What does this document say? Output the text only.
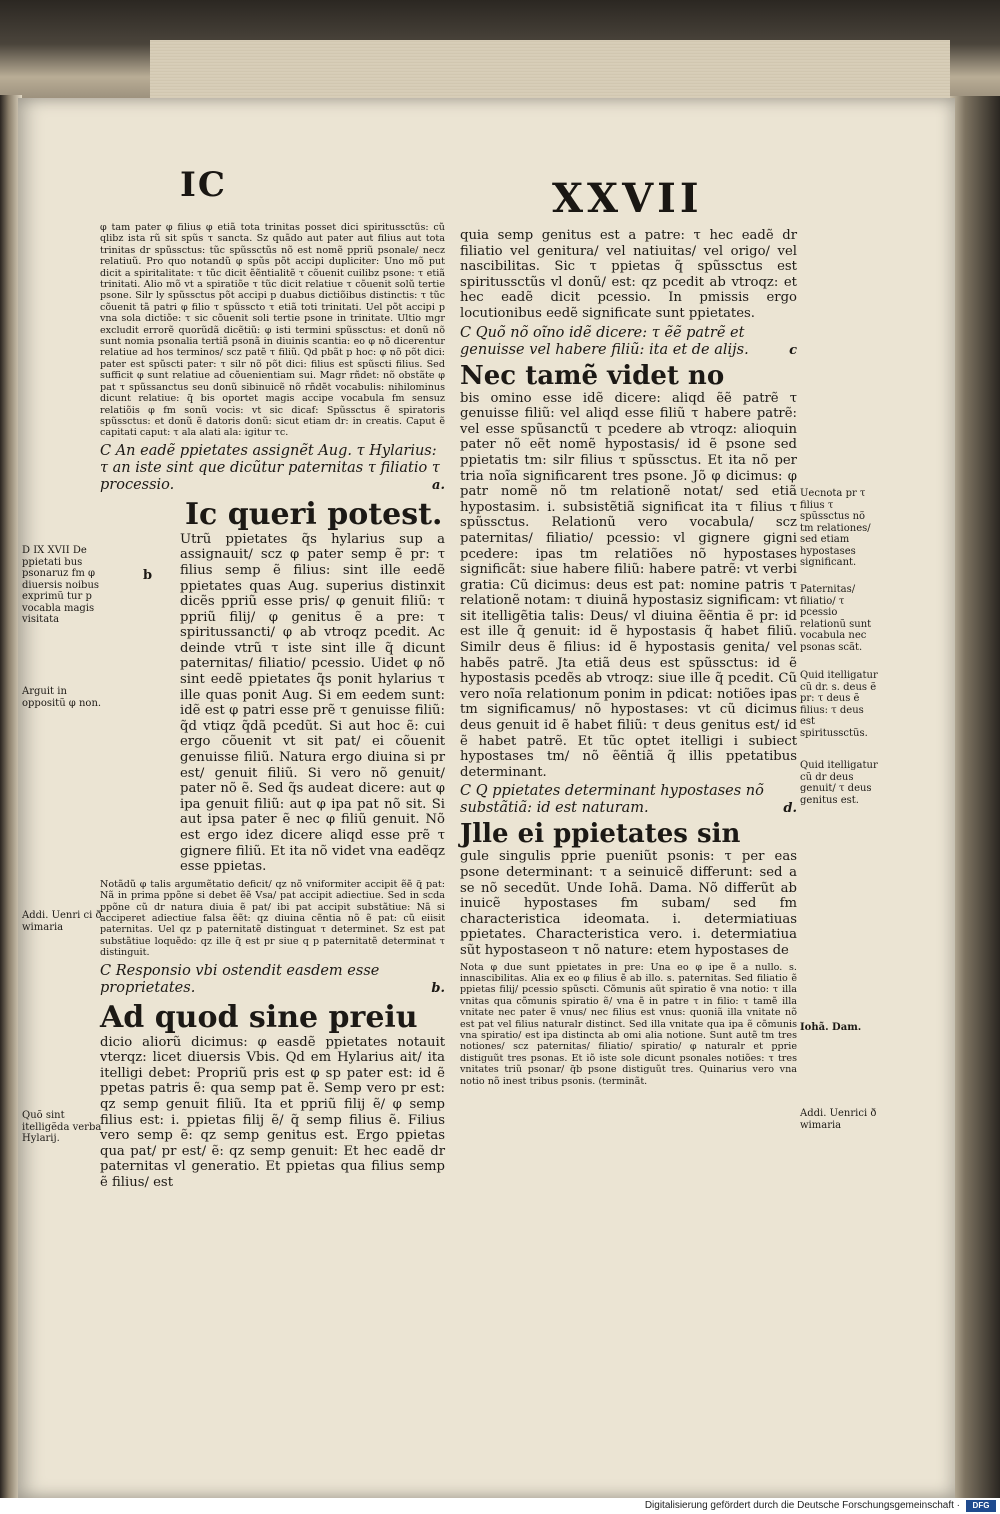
IC	XXVII
D IX XVII De ppietati bus psonaruz fm φ diuersis noibus exprimũ tur p vocabla magis visitata
b
Arguit in oppositũ φ non.
Addi. Uenri ci ð wimaria
Quõ sint itelligẽda verba Hylarij.

φ tam pater φ filius φ etiã tota trinitas posset dici spiritussctũs: cũ qlibz ista rũ sit spũs τ sancta. Sz quãdo aut pater aut filius aut tota trinitas dr spũssctus: tũc spũssctũs nõ est nomẽ ppriũ psonale/ necz relatiuũ. Pro quo notandũ φ spũs põt accipi dupliciter: Uno mõ put dicit a spiritalitate: τ tũc dicit ẽẽntialitẽ τ cõuenit cuilibz psone: τ etiã trinitati. Alio mõ vt a spiratiõe τ tũc dicit relatiue τ cõuenit solũ tertie psone. Silr ly spũssctus põt accipi p duabus dictiõibus distinctis: τ tũc cõuenit tã patri φ filio τ spũsscto τ etiã toti trinitati. Uel põt accipi p vna sola dictiõe: τ sic cõuenit soli tertie psone in trinitate. Ultio mgr excludit errorẽ quorũdã dicẽtiũ: φ isti termini spũssctus: et donũ nõ sunt nomia psonalia tertiã psonã in diuinis scantia: eo φ nõ dicerentur relatiue ad hos terminos/ scz patẽ τ filiũ. Qd pbãt p hoc: φ nõ põt dici: pater est spũscti pater: τ silr nõ põt dici: filius est spũscti filius. Sed sufficit φ sunt relatiue ad cõuenientiam sui. Magr rñdet: nõ obstãte φ pat τ spũssanctus seu donũ sibinuicẽ nõ rñdẽt vocabulis: nihilominus dicunt relatiue: q̃ bis oportet magis accipe vocabula fm sensuz relatiõis φ fm sonũ vocis: vt sic dicaf: Spũssctus ẽ spiratoris spũssctus: et donũ ẽ datoris donũ: sicut etiam dr: in creatis. Caput ẽ capitati caput: τ ala alati ala: igitur τc.

C An eadẽ ppietates assignẽt Aug. τ Hylarius: τ an iste sint que dicũtur paternitas τ filiatio τ processio.	a.

Ic queri potest.

Utrũ ppietates q̃s hylarius sup a assignauit/ scz φ pater semp ẽ pr: τ filius semp ẽ filius: sint ille eedẽ ppietates quas Aug. superius distinxit dicẽs ppriũ esse pris/ φ genuit filiũ: τ ppriũ filij/ φ genitus ẽ a pre: τ spiritussancti/ φ ab vtroqz pcedit. Ac deinde vtrũ τ iste sint ille q̃ dicunt paternitas/ filiatio/ pcessio. Uidet φ nõ sint eedẽ ppietates q̃s ponit hylarius τ ille quas ponit Aug. Si em eedem sunt: idẽ est φ patri esse prẽ τ genuisse filiũ: q̃d vtiqz q̃dã pcedũt. Si aut hoc ẽ: cui ergo cõuenit vt sit pat/ ei cõuenit genuisse filiũ. Natura ergo diuina si pr est/ genuit filiũ. Si vero nõ genuit/ pater nõ ẽ. Sed q̃s audeat dicere: aut φ ipa genuit filiũ: aut φ ipa pat nõ sit. Si aut ipsa pater ẽ nec φ filiũ genuit. Nõ est ergo idez dicere aliqd esse prẽ τ gignere filiũ. Et ita nõ videt vna eadẽqz esse ppietas.

Notãdũ φ talis argumẽtatio deficit/ qz nõ vniformiter accipit ẽẽ q̃ pat: Nã in prima ppõne si debet ẽẽ Vsa/ pat accipit adiectiue. Sed in scda ppõne cũ dr natura diuia ẽ pat/ ibi pat accipit substãtiue: Nã si acciperet adiectiue falsa ẽẽt: qz diuina cẽntia nõ ẽ pat: cũ eiisit paternitas. Uel qz p paternitatẽ distinguat τ determinet. Sz est pat substãtiue loquẽdo: qz ille q̃ est pr siue q p paternitatẽ determinat τ distinguit.

C Responsio vbi ostendit easdem esse proprietates.	b.

Ad quod sine preiu

dicio aliorũ dicimus: φ easdẽ ppietates notauit vterqz: licet diuersis Vbis. Qd em Hylarius ait/ ita itelligi debet: Propriũ pris est φ sp pater est: id ẽ ppetas patris ẽ: qua semp pat ẽ. Semp vero pr est: qz semp genuit filiũ. Ita et ppriũ filij ẽ/ φ semp filius est: i. ppietas filij ẽ/ q̃ semp filius ẽ. Filius vero semp ẽ: qz semp genitus est. Ergo ppietas qua pat/ pr est/ ẽ: qz semp genuit: Et hec eadẽ dr paternitas vl generatio. Et ppietas qua filius semp ẽ filius/ est

quia semp genitus est a patre: τ hec eadẽ dr filiatio vel genitura/ vel natiuitas/ vel origo/ vel nascibilitas. Sic τ ppietas q̃ spũssctus est spiritussctũs vl donũ/ est: qz pcedit ab vtroqz: et hec eadẽ dicit pcessio. In pmissis ergo locutionibus eedẽ significate sunt ppietates.

C Quõ nõ oĩno idẽ dicere: τ ẽẽ patrẽ et genuisse vel habere filiũ: ita et de alijs.	c

Nec tamẽ videt no

bis omino esse idẽ dicere: aliqd ẽẽ patrẽ τ genuisse filiũ: vel aliqd esse filiũ τ habere patrẽ: vel esse spũsanctũ τ pcedere ab vtroqz: alioquin pater nõ eẽt nomẽ hypostasis/ id ẽ psone sed ppietatis tm: silr filius τ spũssctus. Et ita nõ per tria noĩa significarent tres psone. Jõ φ dicimus: φ patr nomẽ nõ tm relationẽ notat/ sed etiã hypostasim. i. subsistẽtiã significat ita τ filius τ spũssctus. Relationũ vero vocabula/ scz paternitas/ filiatio/ pcessio: vl gignere gigni pcedere: ipas tm relatiões nõ hypostases significãt: siue habere filiũ: habere patrẽ: vt verbi gratia: Cũ dicimus: deus est pat: nomine patris τ relationẽ notam: τ diuinã hypostasiz significam: vt sit itelligẽtia talis: Deus/ vl diuina ẽẽntia ẽ pr: id est ille q̃ genuit: id ẽ hypostasis q̃ habet filiũ. Similr deus ẽ filius: id ẽ hypostasis genita/ vel habẽs patrẽ. Jta etiã deus est spũssctus: id ẽ hypostasis pcedẽs ab vtroqz: siue ille q̃ pcedit. Cũ vero noĩa relationum ponim in pdicat: notiões ipas tm significamus/ nõ hypostases: vt cũ dicimus deus genuit id ẽ habet filiũ: τ deus genitus est/ id ẽ habet patrẽ. Et tũc optet itelligi i subiect hypostases tm/ nõ ẽẽntiã q̃ illis ppetatibus determinant.

C Q ppietates determinant hypostases nõ substãtiã: id est naturam.	d.

Jlle ei ppietates sin

gule singulis pprie pueniũt psonis: τ per eas psone determinant: τ a seinuicẽ differunt: sed a se nõ secedũt. Unde Iohã. Dama. Nõ differũt ab inuicẽ hypostases fm subam/ sed fm characteristica ideomata. i. determiatiuas ppietates. Characteristica vero. i. determiatiua sũt hypostaseon τ nõ nature: etem hypostases de

Nota φ due sunt ppietates in pre: Una eo φ ipe ẽ a nullo. s. innascibilitas. Alia ex eo φ filius ẽ ab illo. s. paternitas. Sed filiatio ẽ ppietas filij/ pcessio spũscti. Cõmunis aũt spiratio ẽ vna notio: τ illa vnitas qua cõmunis spiratio ẽ/ vna ẽ in patre τ in filio: τ tamẽ illa vnitate nec pater ẽ vnus/ nec filius est vnus: quoniã illa vnitate nõ est pat vel filius naturalr distinct. Sed illa vnitate qua ipa ẽ cõmunis vna spiratio/ est ipa distincta ab omi alia notione. Sunt autẽ tm tres notiones/ scz paternitas/ filiatio/ spiratio/ φ naturalr et pprie distiguũt tres psonas. Et iõ iste sole dicunt psonales notiões: τ tres vnitates triũ psonar/ q̃b psone distiguũt tres. Quinarius vero vna notio nõ inest tribus psonis. (terminãt.

Uecnota pr τ filius τ spũssctus nõ tm relationes/ sed etiam hypostases significant.
Paternitas/ filiatio/ τ pcessio relationũ sunt vocabula nec psonas scãt.
Quid itelligatur cũ dr. s. deus ẽ pr: τ deus ẽ filius: τ deus est spiritussctũs.
Quid itelligatur cũ dr deus genuit/ τ deus genitus est.
Iohã. Dam.
Addi. Uenrici ð wimaria
Digitalisierung gefördert durch die Deutsche Forschungsgemeinschaft ·	DFG
